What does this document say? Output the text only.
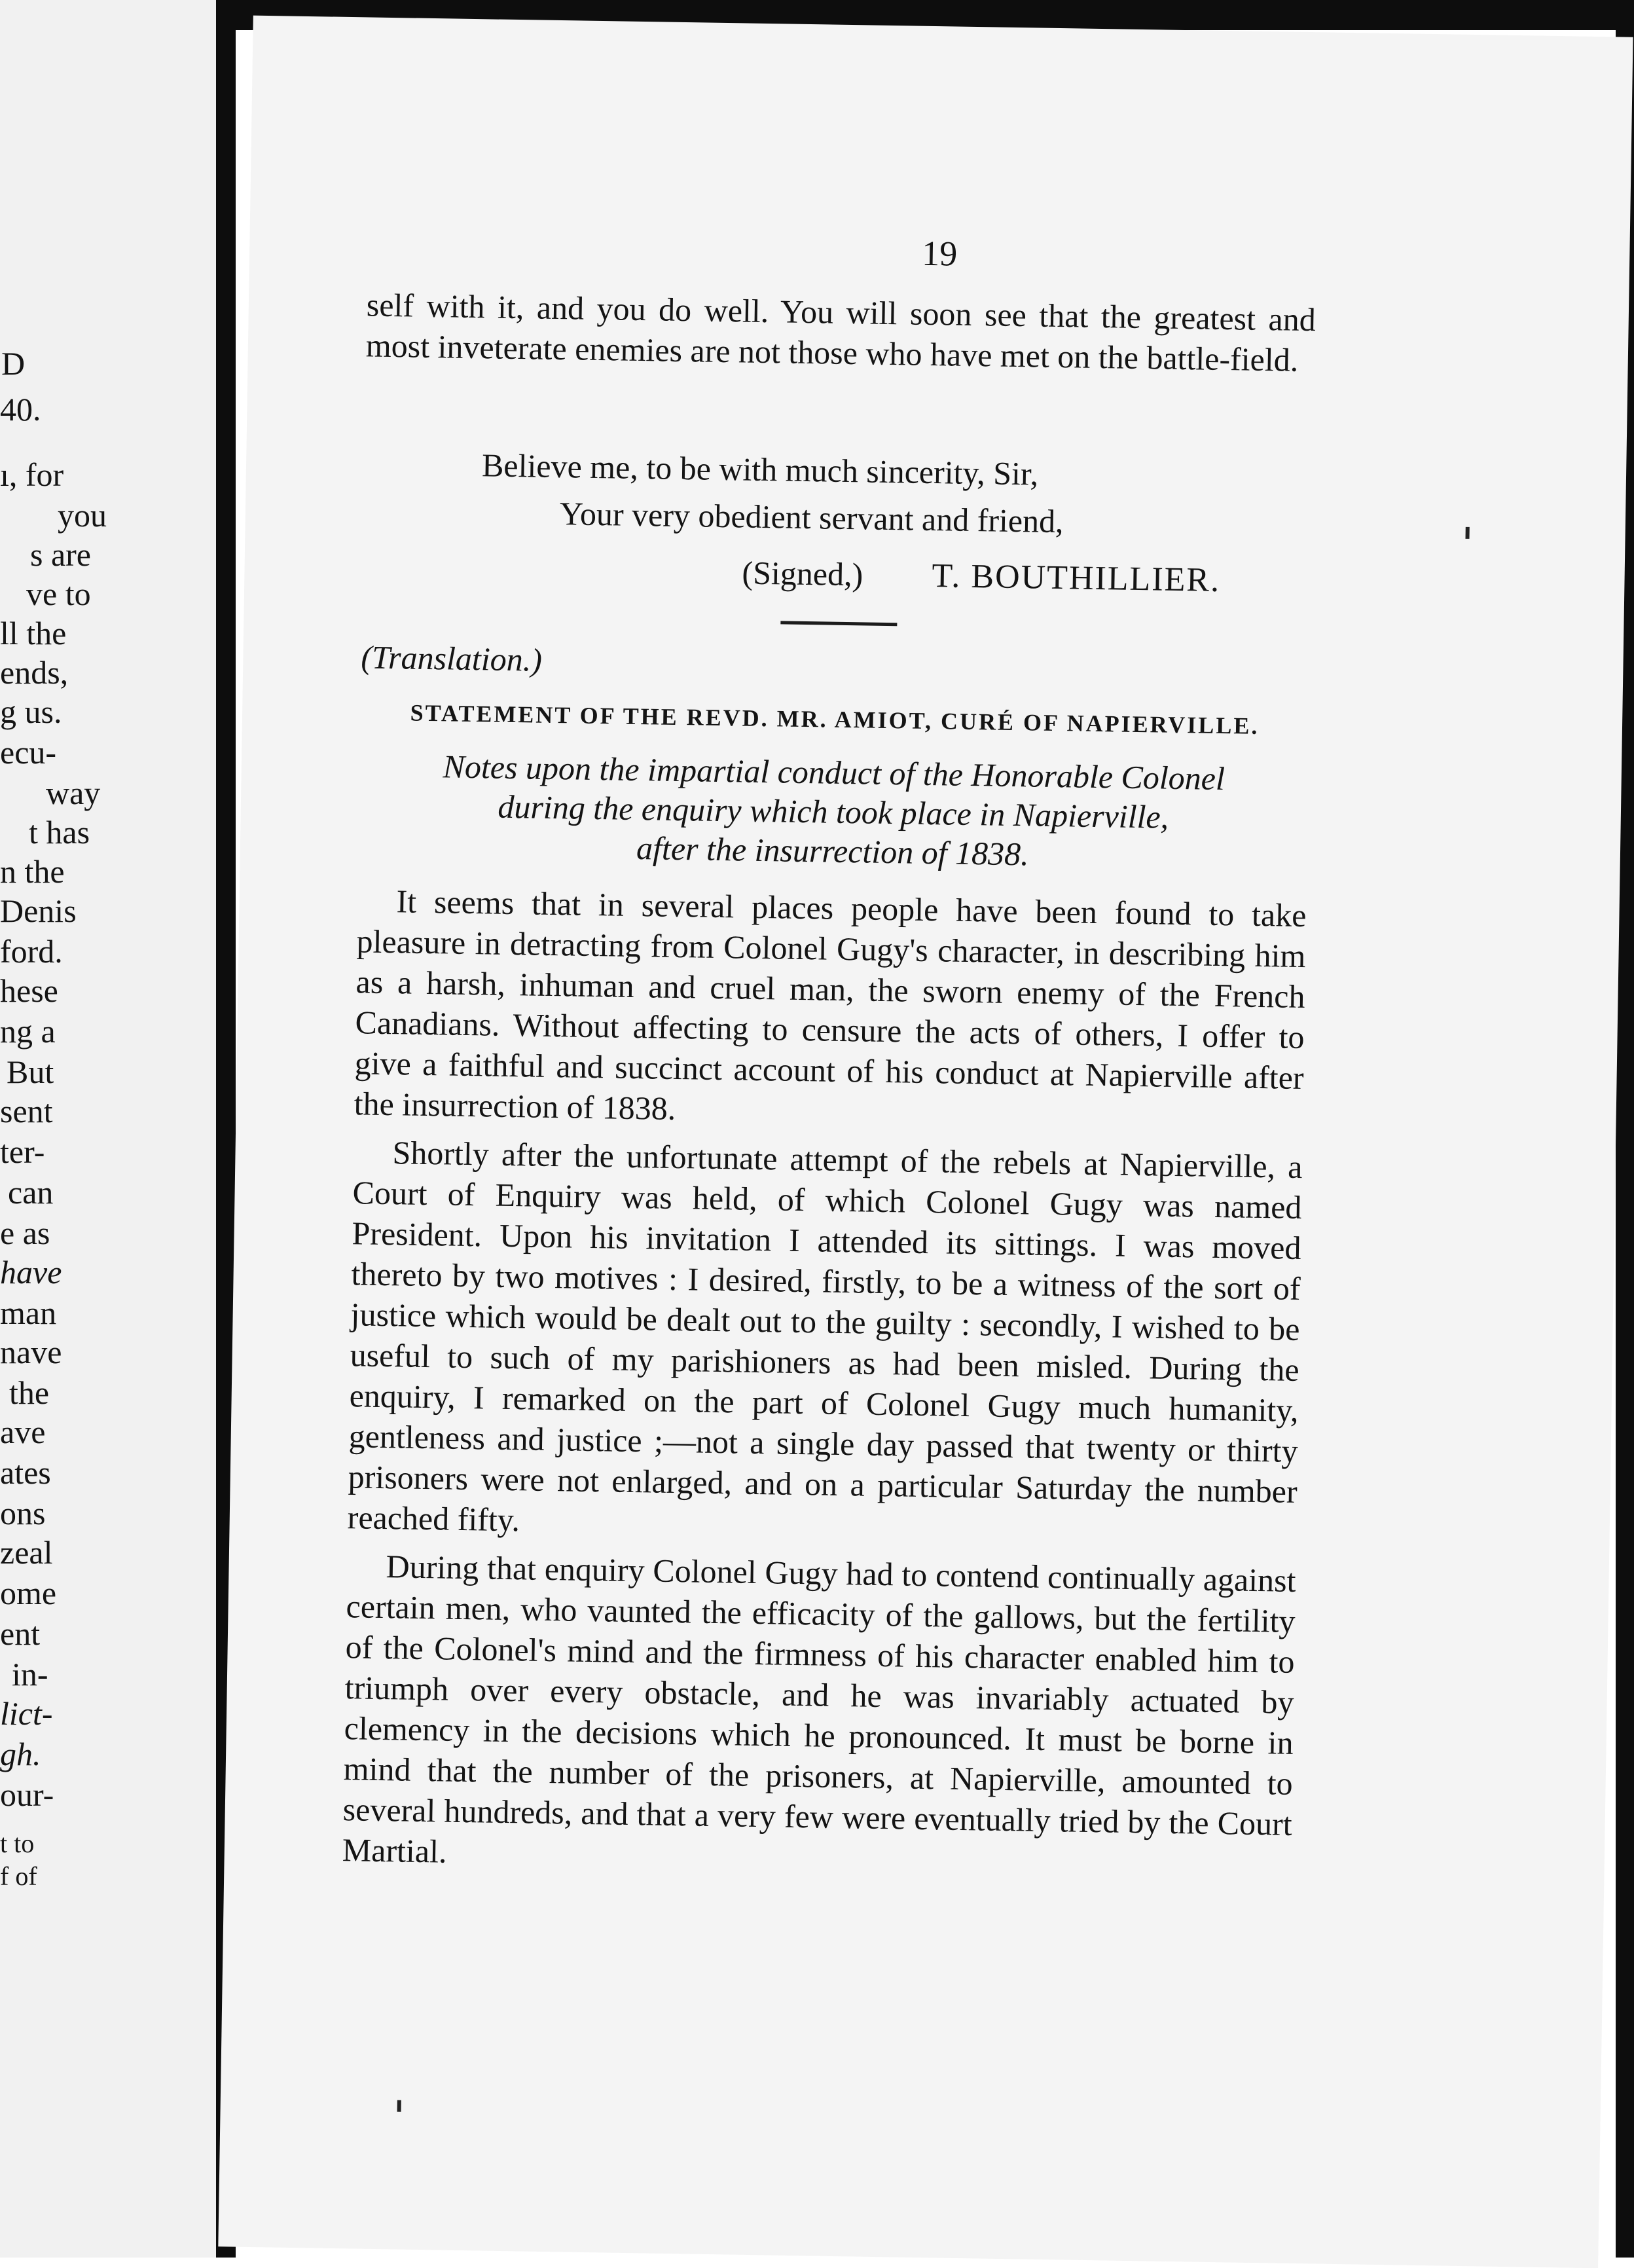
D
40.
ı, for
you
s are
ve to
ll the
ends,
g us.
ecu-
way
t has
n the
Denis
ford.
hese
ng a
But
sent
ter-
can
e as
have
man
nave
the
ave
ates
ons
zeal
ome
ent
in-
lict-
gh.
our-
t to
f of
19

self with it, and you do well. You will soon see that the greatest and most inveterate enemies are not those who have met on the battle-field.

Believe me, to be with much sincerity, Sir,
Your very obedient servant and friend,
(Signed,) T. BOUTHILLIER.
(Translation.)
STATEMENT OF THE REVD. MR. AMIOT, CURÉ OF NAPIERVILLE.
Notes upon the impartial conduct of the Honorable Colonel
during the enquiry which took place in Napierville,
after the insurrection of 1838.

It seems that in several places people have been found to take pleasure in detracting from Colonel Gugy's character, in describing him as a harsh, inhuman and cruel man, the sworn enemy of the French Canadians. Without affecting to censure the acts of others, I offer to give a faithful and succinct account of his conduct at Napierville after the insurrection of 1838.

Shortly after the unfortunate attempt of the rebels at Napierville, a Court of Enquiry was held, of which Colonel Gugy was named President. Upon his invitation I attended its sittings. I was moved thereto by two motives : I desired, firstly, to be a witness of the sort of justice which would be dealt out to the guilty : secondly, I wished to be useful to such of my parishioners as had been misled. During the enquiry, I remarked on the part of Colonel Gugy much humanity, gentleness and justice ;—not a single day passed that twenty or thirty prisoners were not enlarged, and on a particular Saturday the number reached fifty.

During that enquiry Colonel Gugy had to contend continually against certain men, who vaunted the efficacity of the gallows, but the fertility of the Colonel's mind and the firmness of his character enabled him to triumph over every obstacle, and he was invariably actuated by clemency in the decisions which he pronounced. It must be borne in mind that the number of the prisoners, at Napierville, amounted to several hundreds, and that a very few were eventually tried by the Court Martial.
